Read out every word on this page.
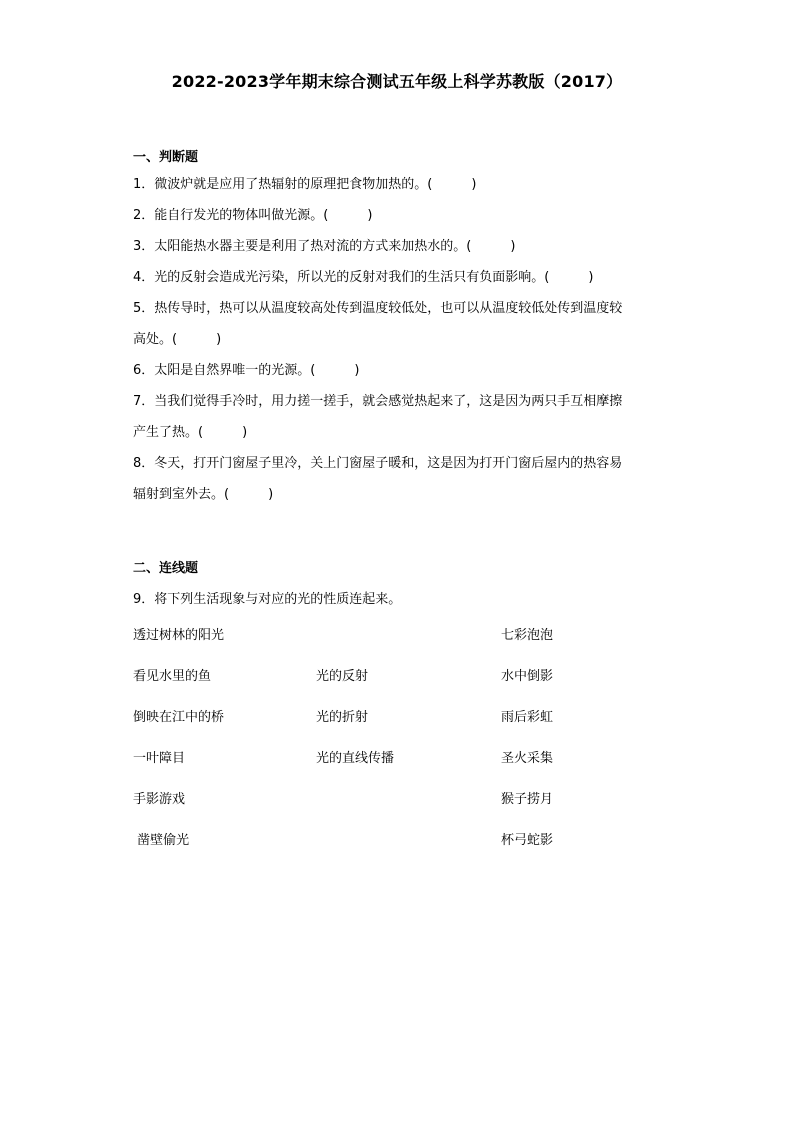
2022-2023学年期末综合测试五年级上科学苏教版（2017）
一、判断题
1．微波炉就是应用了热辐射的原理把食物加热的。(　　　)
2．能自行发光的物体叫做光源。(　　　)
3．太阳能热水器主要是利用了热对流的方式来加热水的。(　　　)
4．光的反射会造成光污染，所以光的反射对我们的生活只有负面影响。(　　　)
5．热传导时，热可以从温度较高处传到温度较低处，也可以从温度较低处传到温度较
高处。(　　　)
6．太阳是自然界唯一的光源。(　　　)
7．当我们觉得手冷时，用力搓一搓手，就会感觉热起来了，这是因为两只手互相摩擦
产生了热。(　　　)
8．冬天，打开门窗屋子里冷，关上门窗屋子暖和，这是因为打开门窗后屋内的热容易
辐射到室外去。(　　　)
二、连线题
9．将下列生活现象与对应的光的性质连起来。
透过树林的阳光
看见水里的鱼
倒映在江中的桥
一叶障目
手影游戏
凿壁偷光
光的反射
光的折射
光的直线传播
七彩泡泡
水中倒影
雨后彩虹
圣火采集
猴子捞月
杯弓蛇影
